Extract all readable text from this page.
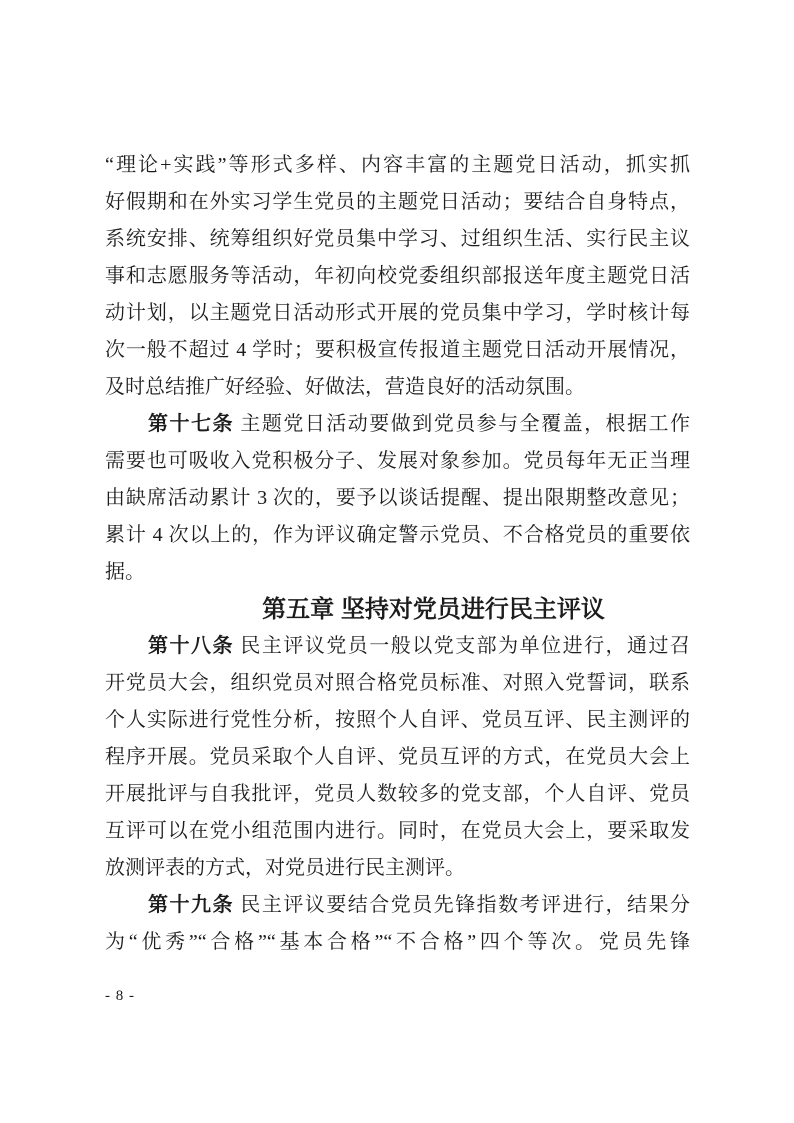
“理论+实践”等形式多样、内容丰富的主题党日活动，抓实抓
好假期和在外实习学生党员的主题党日活动；要结合自身特点，
系统安排、统筹组织好党员集中学习、过组织生活、实行民主议
事和志愿服务等活动，年初向校党委组织部报送年度主题党日活
动计划，以主题党日活动形式开展的党员集中学习，学时核计每
次一般不超过 4 学时；要积极宣传报道主题党日活动开展情况，
及时总结推广好经验、好做法，营造良好的活动氛围。
第十七条 主题党日活动要做到党员参与全覆盖，根据工作
需要也可吸收入党积极分子、发展对象参加。党员每年无正当理
由缺席活动累计 3 次的，要予以谈话提醒、提出限期整改意见；
累计 4 次以上的，作为评议确定警示党员、不合格党员的重要依
据。
第五章 坚持对党员进行民主评议
第十八条 民主评议党员一般以党支部为单位进行，通过召
开党员大会，组织党员对照合格党员标准、对照入党誓词，联系
个人实际进行党性分析，按照个人自评、党员互评、民主测评的
程序开展。党员采取个人自评、党员互评的方式，在党员大会上
开展批评与自我批评，党员人数较多的党支部，个人自评、党员
互评可以在党小组范围内进行。同时，在党员大会上，要采取发
放测评表的方式，对党员进行民主测评。
第十九条 民主评议要结合党员先锋指数考评进行，结果分
为“优秀”“合格”“基本合格”“不合格”四个等次。党员先锋
- 8 -
